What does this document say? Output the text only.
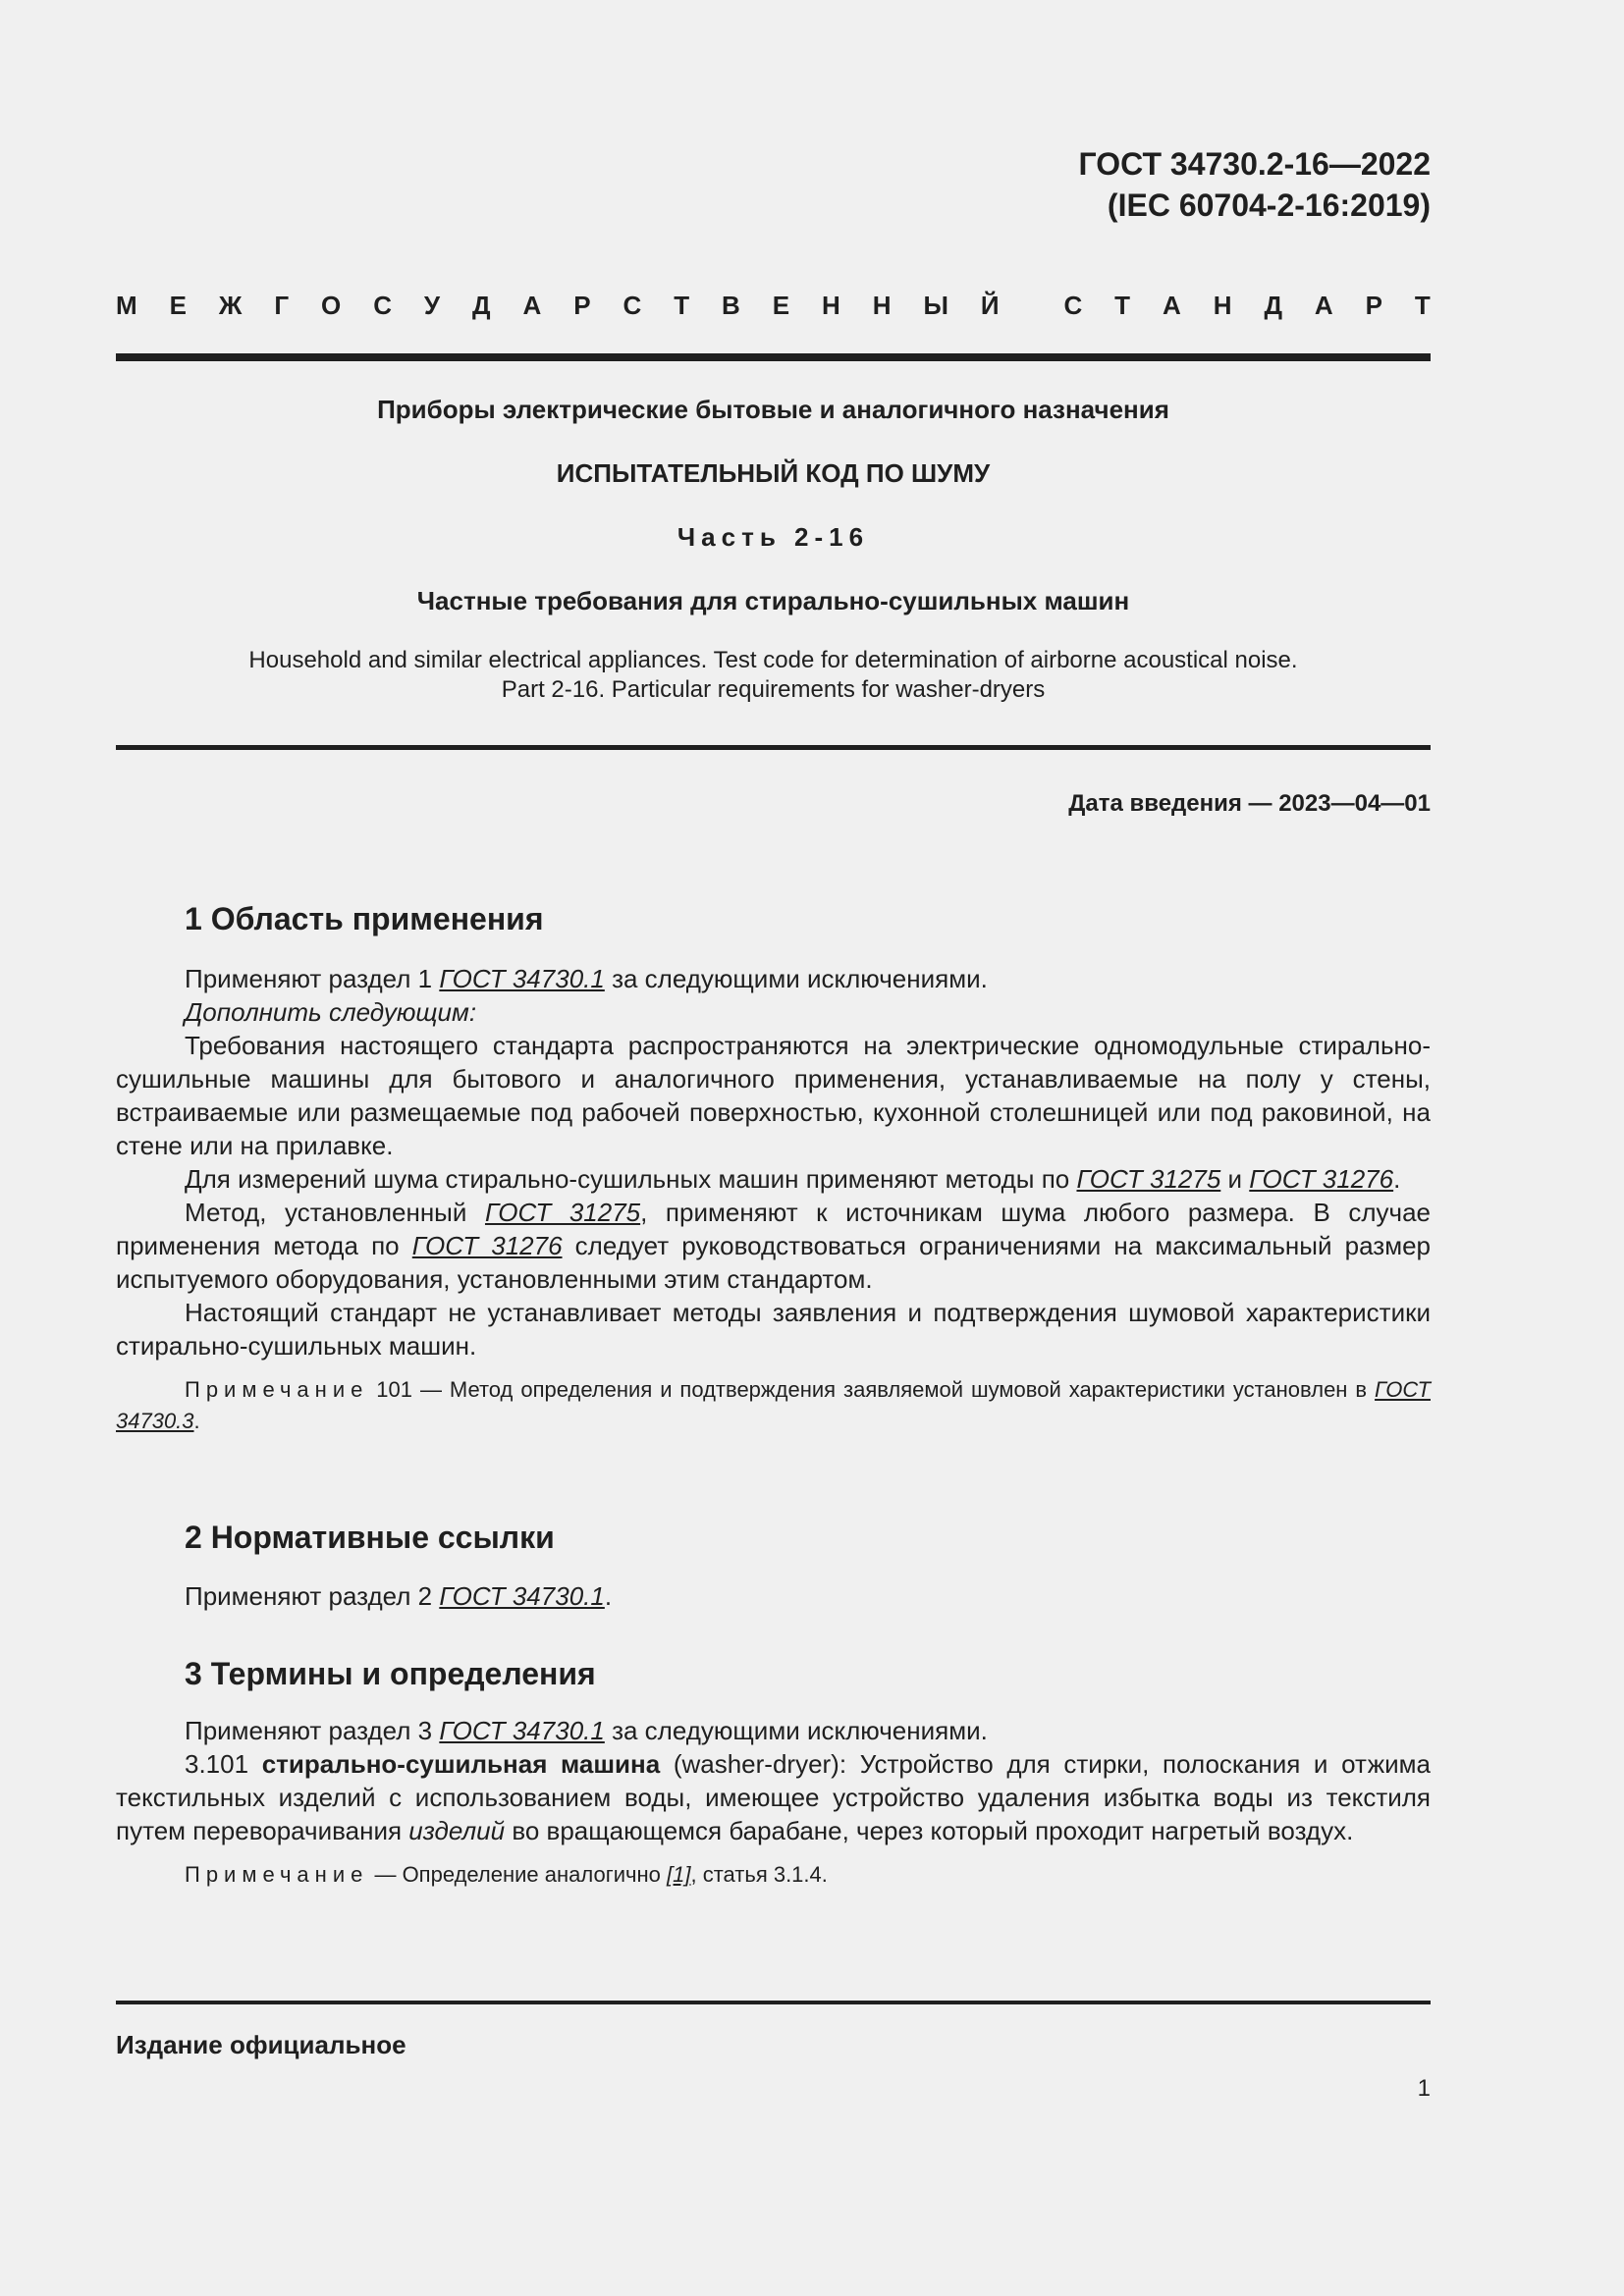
ГОСТ 34730.2-16—2022
(IEC 60704-2-16:2019)
М Е Ж Г О С У Д А Р С Т В Е Н Н Ы Й	С Т А Н Д А Р Т
Приборы электрические бытовые и аналогичного назначения
ИСПЫТАТЕЛЬНЫЙ КОД ПО ШУМУ
Часть 2-16
Частные требования для стирально-сушильных машин
Household and similar electrical appliances. Test code for determination of airborne acoustical noise.
Part 2-16. Particular requirements for washer-dryers
Дата введения — 2023—04—01
1 Область применения

Применяют раздел 1 ГОСТ 34730.1 за следующими исключениями.

Дополнить следующим:

Требования настоящего стандарта распространяются на электрические одномодульные стирально-сушильные машины для бытового и аналогичного применения, устанавливаемые на полу у стены, встраиваемые или размещаемые под рабочей поверхностью, кухонной столешницей или под раковиной, на стене или на прилавке.

Для измерений шума стирально-сушильных машин применяют методы по ГОСТ 31275 и ГОСТ 31276.

Метод, установленный ГОСТ 31275, применяют к источникам шума любого размера. В случае применения метода по ГОСТ 31276 следует руководствоваться ограничениями на максимальный размер испытуемого оборудования, установленными этим стандартом.

Настоящий стандарт не устанавливает методы заявления и подтверждения шумовой характеристики стирально-сушильных машин.

Примечание 101 — Метод определения и подтверждения заявляемой шумовой характеристики установлен в ГОСТ 34730.3.

2 Нормативные ссылки

Применяют раздел 2 ГОСТ 34730.1.

3 Термины и определения

Применяют раздел 3 ГОСТ 34730.1 за следующими исключениями.

3.101 стирально-сушильная машина (washer-dryer): Устройство для стирки, полоскания и отжима текстильных изделий с использованием воды, имеющее устройство удаления избытка воды из текстиля путем переворачивания изделий во вращающемся барабане, через который проходит нагретый воздух.

Примечание — Определение аналогично [1], статья 3.1.4.

Издание официальное
1
